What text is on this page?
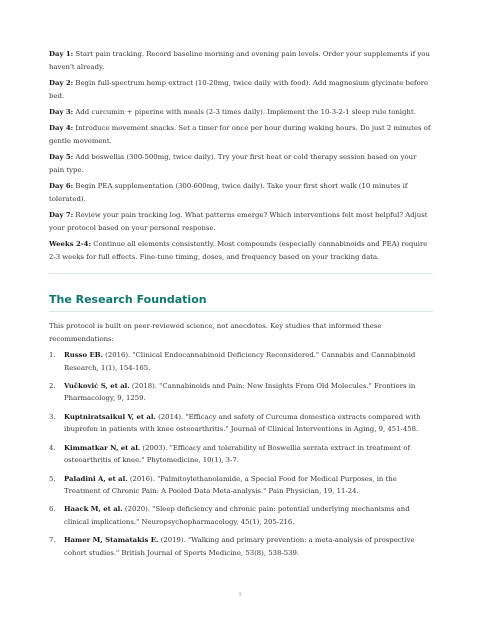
Day 1: Start pain tracking. Record baseline morning and evening pain levels. Order your supplements if you haven't already.

Day 2: Begin full-spectrum hemp extract (10-20mg, twice daily with food). Add magnesium glycinate before bed.

Day 3: Add curcumin + piperine with meals (2-3 times daily). Implement the 10-3-2-1 sleep rule tonight.

Day 4: Introduce movement snacks. Set a timer for once per hour during waking hours. Do just 2 minutes of gentle movement.

Day 5: Add boswellia (300-500mg, twice daily). Try your first heat or cold therapy session based on your pain type.

Day 6: Begin PEA supplementation (300-600mg, twice daily). Take your first short walk (10 minutes if tolerated).

Day 7: Review your pain tracking log. What patterns emerge? Which interventions felt most helpful? Adjust your protocol based on your personal response.

Weeks 2-4: Continue all elements consistently. Most compounds (especially cannabinoids and PEA) require 2-3 weeks for full effects. Fine-tune timing, doses, and frequency based on your tracking data.

The Research Foundation

This protocol is built on peer-reviewed science, not anecdotes. Key studies that informed these recommendations:

1. Russo EB. (2016). "Clinical Endocannabinoid Deficiency Reconsidered." Cannabis and Cannabinoid Research, 1(1), 154-165.
2. Vučković S, et al. (2018). "Cannabinoids and Pain: New Insights From Old Molecules." Frontiers in Pharmacology, 9, 1259.
3. Kuptniratsaikul V, et al. (2014). "Efficacy and safety of Curcuma domestica extracts compared with ibuprofen in patients with knee osteoarthritis." Journal of Clinical Interventions in Aging, 9, 451-458.
4. Kimmatkar N, et al. (2003). "Efficacy and tolerability of Boswellia serrata extract in treatment of osteoarthritis of knee." Phytomedicine, 10(1), 3-7.
5. Paladini A, et al. (2016). "Palmitoylethanolamide, a Special Food for Medical Purposes, in the Treatment of Chronic Pain: A Pooled Data Meta-analysis." Pain Physician, 19, 11-24.
6. Haack M, et al. (2020). "Sleep deficiency and chronic pain: potential underlying mechanisms and clinical implications." Neuropsychopharmacology, 45(1), 205-216.
7. Hamer M, Stamatakis E. (2019). "Walking and primary prevention: a meta-analysis of prospective cohort studies." British Journal of Sports Medicine, 53(8), 538-539.
9
